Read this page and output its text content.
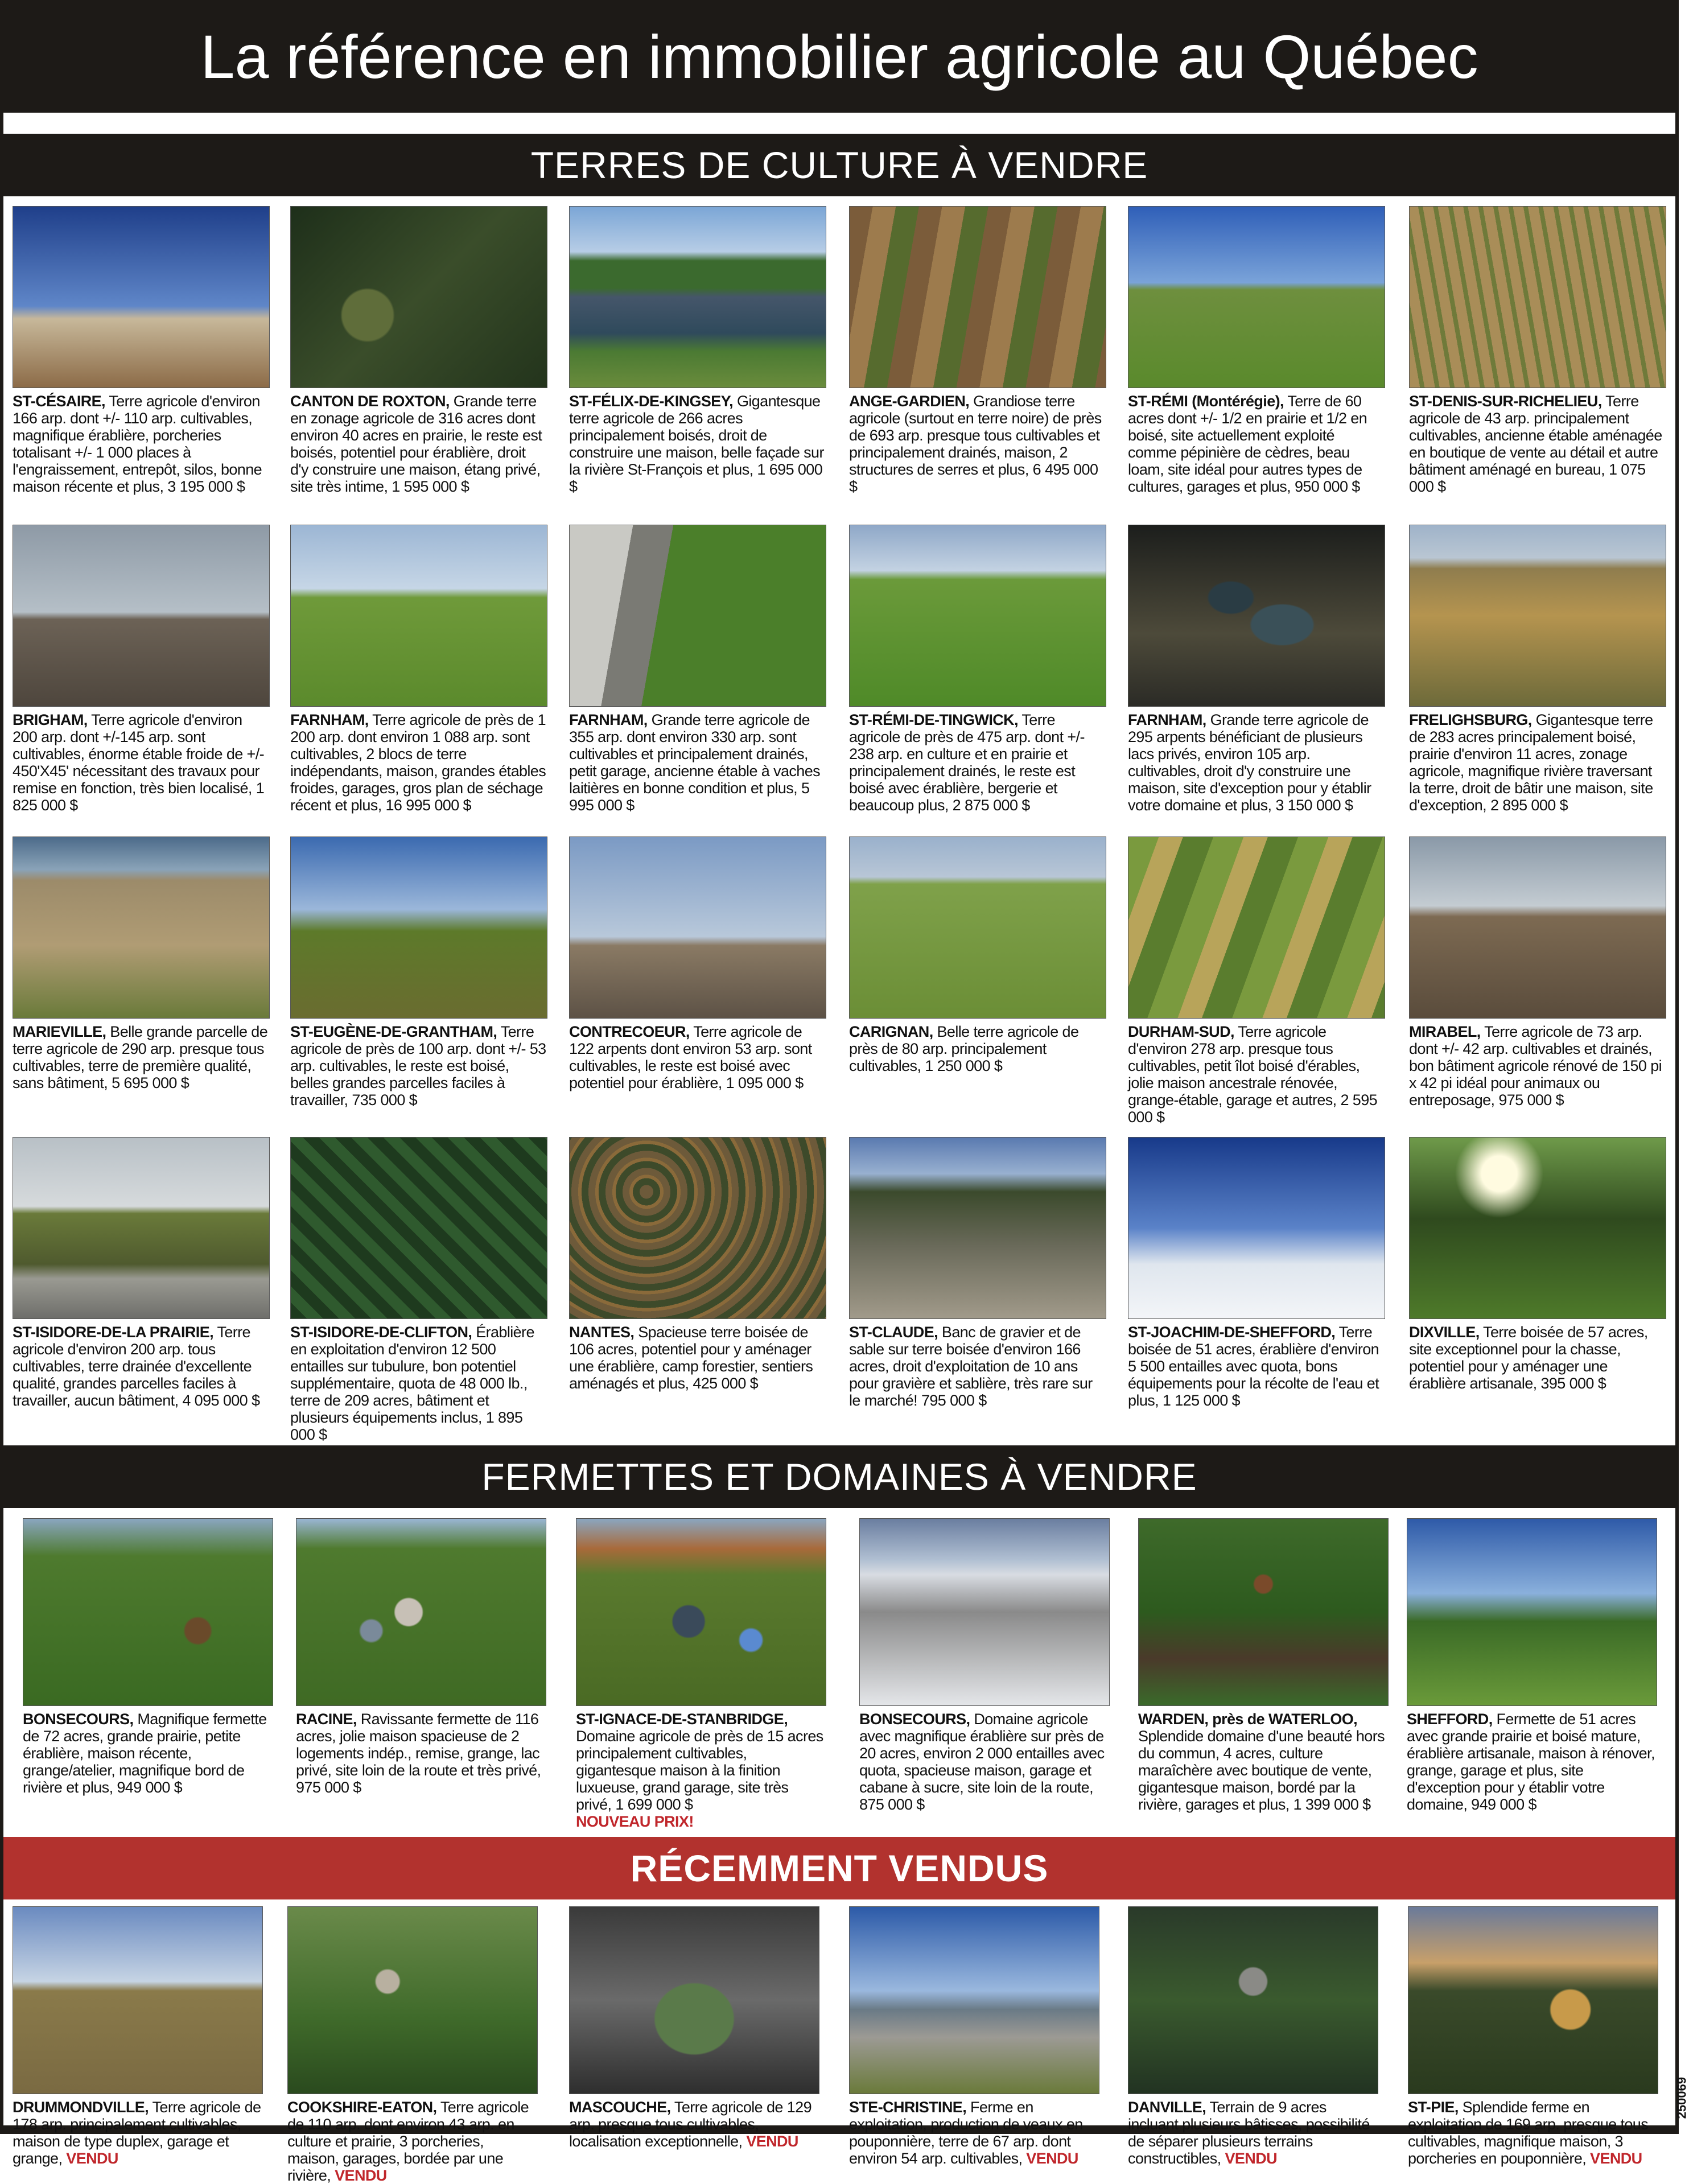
La référence en immobilier agricole au Québec
TERRES DE CULTURE À VENDRE
FERMETTES ET DOMAINES À VENDRE
RÉCEMMENT VENDUS

ST-CÉSAIRE, Terre agricole d'environ 166 arp. dont +/- 110 arp. cultivables, magnifique érablière, porcheries totalisant +/- 1 000 places à l'engraissement, entrepôt, silos, bonne maison récente et plus, 3 195 000 $

CANTON DE ROXTON, Grande terre en zonage agricole de 316 acres dont environ 40 acres en prairie, le reste est boisés, potentiel pour érablière, droit d'y construire une maison, étang privé, site très intime, 1 595 000 $

ST-FÉLIX-DE-KINGSEY, Gigantesque terre agricole de 266 acres principalement boisés, droit de construire une maison, belle façade sur la rivière St-François et plus, 1 695 000 $

ANGE-GARDIEN, Grandiose terre agricole (surtout en terre noire) de près de 693 arp. presque tous cultivables et principalement drainés, maison, 2 structures de serres et plus, 6 495 000 $

ST-RÉMI (Montérégie), Terre de 60 acres dont +/- 1/2 en prairie et 1/2 en boisé, site actuellement exploité comme pépinière de cèdres, beau loam, site idéal pour autres types de cultures, garages et plus, 950 000 $

ST-DENIS-SUR-RICHELIEU, Terre agricole de 43 arp. principalement cultivables, ancienne étable aménagée en boutique de vente au détail et autre bâtiment aménagé en bureau, 1 075 000 $

BRIGHAM, Terre agricole d'environ 200 arp. dont +/-145 arp. sont cultivables, énorme étable froide de +/- 450'X45' nécessitant des travaux pour remise en fonction, très bien localisé, 1 825 000 $

FARNHAM, Terre agricole de près de 1 200 arp. dont environ 1 088 arp. sont cultivables, 2 blocs de terre indépendants, maison, grandes étables froides, garages, gros plan de séchage récent et plus, 16 995 000 $

FARNHAM, Grande terre agricole de 355 arp. dont environ 330 arp. sont cultivables et principalement drainés, petit garage, ancienne étable à vaches laitières en bonne condition et plus, 5 995 000 $

ST-RÉMI-DE-TINGWICK, Terre agricole de près de 475 arp. dont +/- 238 arp. en culture et en prairie et principalement drainés, le reste est boisé avec érablière, bergerie et beaucoup plus, 2 875 000 $

FARNHAM, Grande terre agricole de 295 arpents bénéficiant de plusieurs lacs privés, environ 105 arp. cultivables, droit d'y construire une maison, site d'exception pour y établir votre domaine et plus, 3 150 000 $

FRELIGHSBURG, Gigantesque terre de 283 acres principalement boisé, prairie d'environ 11 acres, zonage agricole, magnifique rivière traversant la terre, droit de bâtir une maison, site d'exception, 2 895 000 $

MARIEVILLE, Belle grande parcelle de terre agricole de 290 arp. presque tous cultivables, terre de première qualité, sans bâtiment, 5 695 000 $

ST-EUGÈNE-DE-GRANTHAM, Terre agricole de près de 100 arp. dont +/- 53 arp. cultivables, le reste est boisé, belles grandes parcelles faciles à travailler, 735 000 $

CONTRECOEUR, Terre agricole de 122 arpents dont environ 53 arp. sont cultivables, le reste est boisé avec potentiel pour érablière, 1 095 000 $

CARIGNAN, Belle terre agricole de près de 80 arp. principalement cultivables, 1 250 000 $

DURHAM-SUD, Terre agricole d'environ 278 arp. presque tous cultivables, petit îlot boisé d'érables, jolie maison ancestrale rénovée, grange-étable, garage et autres, 2 595 000 $

MIRABEL, Terre agricole de 73 arp. dont +/- 42 arp. cultivables et drainés, bon bâtiment agricole rénové de 150 pi x 42 pi idéal pour animaux ou entreposage, 975 000 $

ST-ISIDORE-DE-LA PRAIRIE, Terre agricole d'environ 200 arp. tous cultivables, terre drainée d'excellente qualité, grandes parcelles faciles à travailler, aucun bâtiment, 4 095 000 $

ST-ISIDORE-DE-CLIFTON, Érablière en exploitation d'environ 12 500 entailles sur tubulure, bon potentiel supplémentaire, quota de 48 000 lb., terre de 209 acres, bâtiment et plusieurs équipements inclus, 1 895 000 $

NANTES, Spacieuse terre boisée de 106 acres, potentiel pour y aménager une érablière, camp forestier, sentiers aménagés et plus, 425 000 $

ST-CLAUDE, Banc de gravier et de sable sur terre boisée d'environ 166 acres, droit d'exploitation de 10 ans pour gravière et sablière, très rare sur le marché! 795 000 $

ST-JOACHIM-DE-SHEFFORD, Terre boisée de 51 acres, érablière d'environ 5 500 entailles avec quota, bons équipements pour la récolte de l'eau et plus, 1 125 000 $

DIXVILLE, Terre boisée de 57 acres, site exceptionnel pour la chasse, potentiel pour y aménager une érablière artisanale, 395 000 $

BONSECOURS, Magnifique fermette de 72 acres, grande prairie, petite érablière, maison récente, grange/atelier, magnifique bord de rivière et plus, 949 000 $

RACINE, Ravissante fermette de 116 acres, jolie maison spacieuse de 2 logements indép., remise, grange, lac privé, site loin de la route et très privé, 975 000 $

ST-IGNACE-DE-STANBRIDGE, Domaine agricole de près de 15 acres principalement cultivables, gigantesque maison à la finition luxueuse, grand garage, site très privé, 1 699 000 $
NOUVEAU PRIX!

BONSECOURS, Domaine agricole avec magnifique érablière sur près de 20 acres, environ 2 000 entailles avec quota, spacieuse maison, garage et cabane à sucre, site loin de la route, 875 000 $

WARDEN, près de WATERLOO, Splendide domaine d'une beauté hors du commun, 4 acres, culture maraîchère avec boutique de vente, gigantesque maison, bordé par la rivière, garages et plus, 1 399 000 $

SHEFFORD, Fermette de 51 acres avec grande prairie et boisé mature, érablière artisanale, maison à rénover, grange, garage et plus, site d'exception pour y établir votre domaine, 949 000 $

DRUMMONDVILLE, Terre agricole de 178 arp. principalement cultivables, maison de type duplex, garage et grange, VENDU

COOKSHIRE-EATON, Terre agricole de 110 arp. dont environ 43 arp. en culture et prairie, 3 porcheries, maison, garages, bordée par une rivière, VENDU

MASCOUCHE, Terre agricole de 129 arp. presque tous cultivables, localisation exceptionnelle, VENDU

STE-CHRISTINE, Ferme en exploitation, production de veaux en pouponnière, terre de 67 arp. dont environ 54 arp. cultivables, VENDU

DANVILLE, Terrain de 9 acres incluant plusieurs bâtisses, possibilité de séparer plusieurs terrains constructibles, VENDU

ST-PIE, Splendide ferme en exploitation de 169 arp. presque tous cultivables, magnifique maison, 3 porcheries en pouponnière, VENDU

250069
